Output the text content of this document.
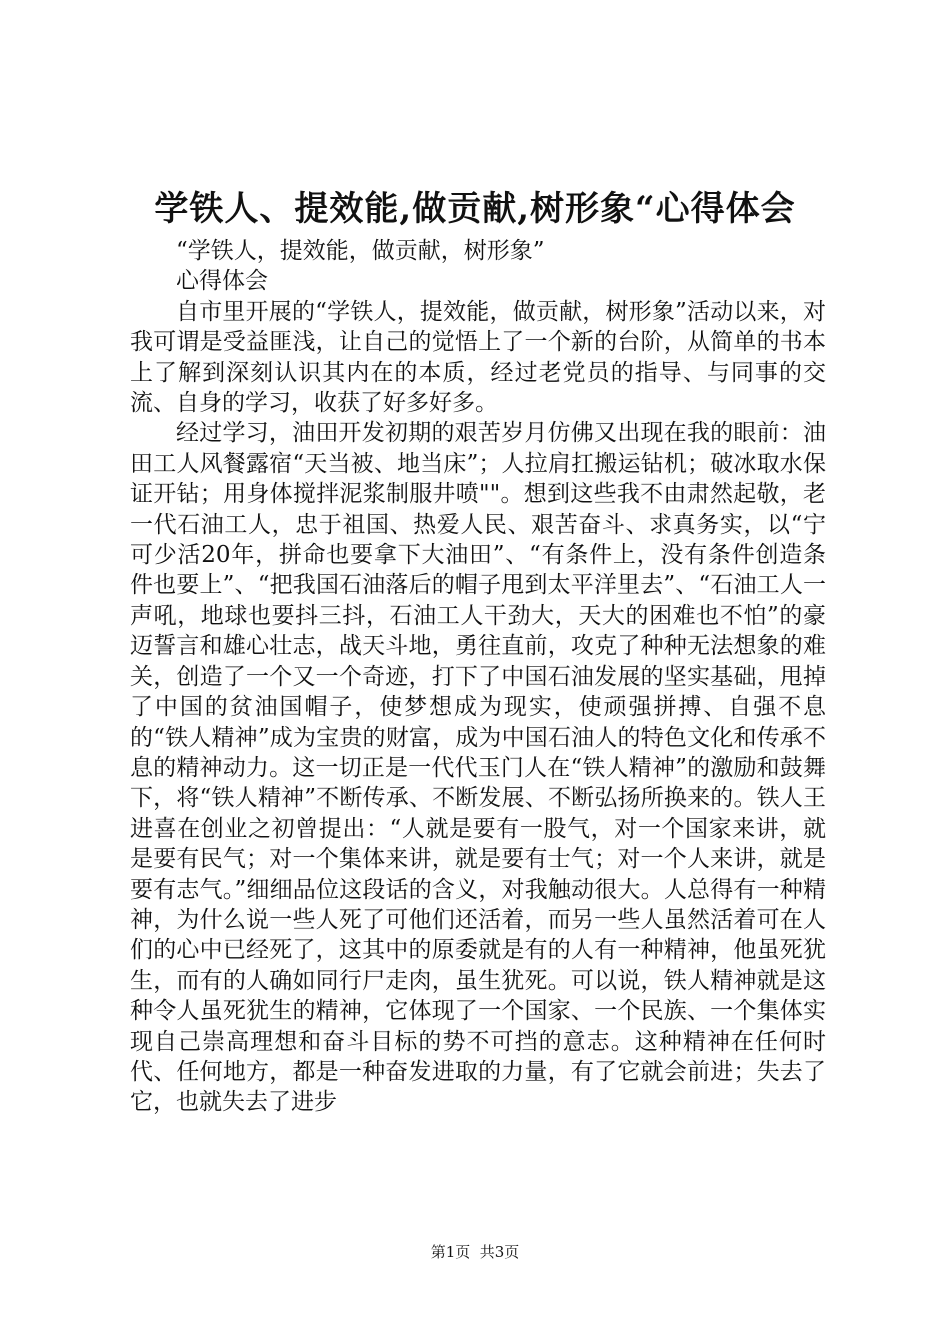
学铁人、提效能,做贡献,树形象“心得体会

“学铁人，提效能，做贡献，树形象”

心得体会

自市里开展的“学铁人，提效能，做贡献，树形象”活动以来，对我可谓是受益匪浅，让自己的觉悟上了一个新的台阶，从简单的书本上了解到深刻认识其内在的本质，经过老党员的指导、与同事的交流、自身的学习，收获了好多好多。

经过学习，油田开发初期的艰苦岁月仿佛又出现在我的眼前：油田工人风餐露宿“天当被、地当床”；人拉肩扛搬运钻机；破冰取水保证开钻；用身体搅拌泥浆制服井喷""。想到这些我不由肃然起敬，老一代石油工人，忠于祖国、热爱人民、艰苦奋斗、求真务实，以“宁可少活20年，拼命也要拿下大油田”、“有条件上，没有条件创造条件也要上”、“把我国石油落后的帽子甩到太平洋里去”、“石油工人一声吼，地球也要抖三抖，石油工人干劲大，天大的困难也不怕”的豪迈誓言和雄心壮志，战天斗地，勇往直前，攻克了种种无法想象的难关，创造了一个又一个奇迹，打下了中国石油发展的坚实基础，甩掉了中国的贫油国帽子，使梦想成为现实，使顽强拼搏、自强不息的“铁人精神”成为宝贵的财富，成为中国石油人的特色文化和传承不息的精神动力。这一切正是一代代玉门人在“铁人精神”的激励和鼓舞下，将“铁人精神”不断传承、不断发展、不断弘扬所换来的。铁人王进喜在创业之初曾提出：“人就是要有一股气，对一个国家来讲，就是要有民气；对一个集体来讲，就是要有士气；对一个人来讲，就是要有志气。”细细品位这段话的含义，对我触动很大。人总得有一种精神，为什么说一些人死了可他们还活着，而另一些人虽然活着可在人们的心中已经死了，这其中的原委就是有的人有一种精神，他虽死犹生，而有的人确如同行尸走肉，虽生犹死。可以说，铁人精神就是这种令人虽死犹生的精神，它体现了一个国家、一个民族、一个集体实现自己崇高理想和奋斗目标的势不可挡的意志。这种精神在任何时代、任何地方，都是一种奋发进取的力量，有了它就会前进；失去了它，也就失去了进步

第1页  共3页
